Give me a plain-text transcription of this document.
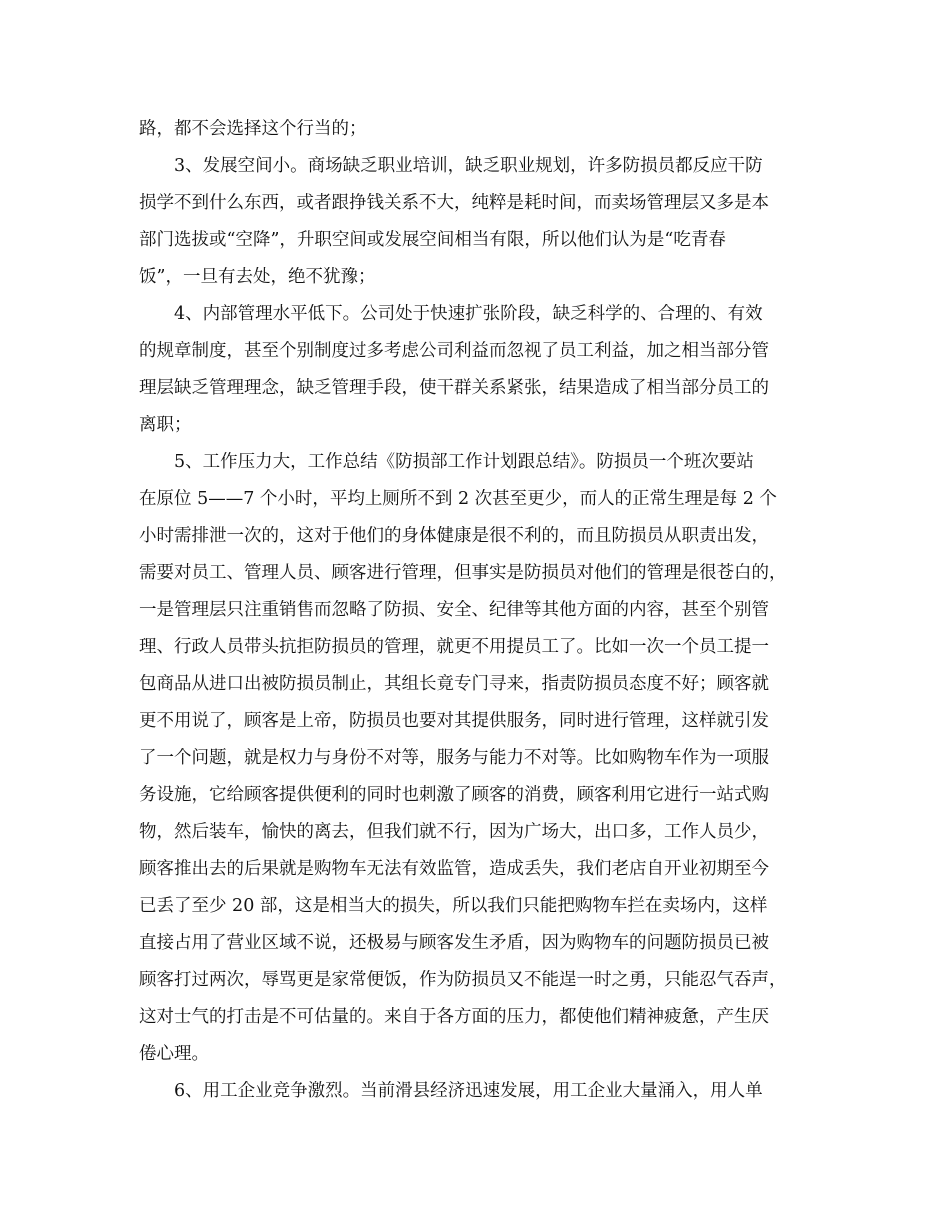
路，都不会选择这个行当的；
3、发展空间小。商场缺乏职业培训，缺乏职业规划，许多防损员都反应干防
损学不到什么东西，或者跟挣钱关系不大，纯粹是耗时间，而卖场管理层又多是本
部门选拔或“空降”，升职空间或发展空间相当有限，所以他们认为是“吃青春
饭”，一旦有去处，绝不犹豫；
4、内部管理水平低下。公司处于快速扩张阶段，缺乏科学的、合理的、有效
的规章制度，甚至个别制度过多考虑公司利益而忽视了员工利益，加之相当部分管
理层缺乏管理理念，缺乏管理手段，使干群关系紧张，结果造成了相当部分员工的
离职；
5、工作压力大，工作总结《防损部工作计划跟总结》。防损员一个班次要站
在原位 5——7 个小时，平均上厕所不到 2 次甚至更少，而人的正常生理是每 2 个
小时需排泄一次的，这对于他们的身体健康是很不利的，而且防损员从职责出发，
需要对员工、管理人员、顾客进行管理，但事实是防损员对他们的管理是很苍白的，
一是管理层只注重销售而忽略了防损、安全、纪律等其他方面的内容，甚至个别管
理、行政人员带头抗拒防损员的管理，就更不用提员工了。比如一次一个员工提一
包商品从进口出被防损员制止，其组长竟专门寻来，指责防损员态度不好；顾客就
更不用说了，顾客是上帝，防损员也要对其提供服务，同时进行管理，这样就引发
了一个问题，就是权力与身份不对等，服务与能力不对等。比如购物车作为一项服
务设施，它给顾客提供便利的同时也刺激了顾客的消费，顾客利用它进行一站式购
物，然后装车，愉快的离去，但我们就不行，因为广场大，出口多，工作人员少，
顾客推出去的后果就是购物车无法有效监管，造成丢失，我们老店自开业初期至今
已丢了至少 20 部，这是相当大的损失，所以我们只能把购物车拦在卖场内，这样
直接占用了营业区域不说，还极易与顾客发生矛盾，因为购物车的问题防损员已被
顾客打过两次，辱骂更是家常便饭，作为防损员又不能逞一时之勇，只能忍气吞声，
这对士气的打击是不可估量的。来自于各方面的压力，都使他们精神疲惫，产生厌
倦心理。
6、用工企业竞争激烈。当前滑县经济迅速发展，用工企业大量涌入，用人单
